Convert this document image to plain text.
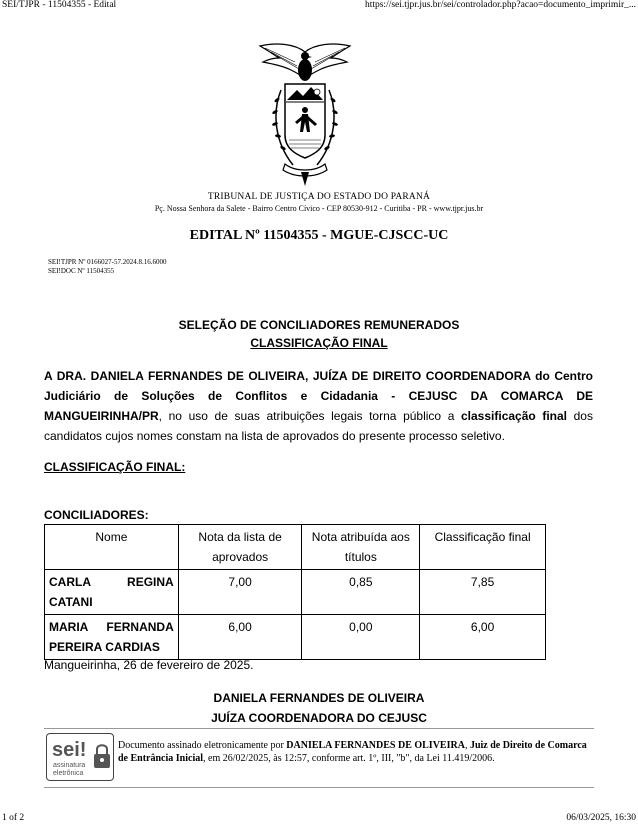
SEI/TJPR - 11504355 - Edital	https://sei.tjpr.jus.br/sei/controlador.php?acao=documento_imprimir_...
TRIBUNAL DE JUSTIÇA DO ESTADO DO PARANÁ
Pç. Nossa Senhora da Salete - Bairro Centro Cívico - CEP 80530-912 - Curitiba - PR - www.tjpr.jus.br
EDITAL Nº 11504355 - MGUE-CJSCC-UC
SEI!TJPR Nº 0166027-57.2024.8.16.6000
SEI!DOC Nº 11504355
SELEÇÃO DE CONCILIADORES REMUNERADOS
CLASSIFICAÇÃO FINAL
A DRA. DANIELA FERNANDES DE OLIVEIRA, JUÍZA DE DIREITO COORDENADORA do Centro Judiciário de Soluções de Conflitos e Cidadania - CEJUSC DA COMARCA DE MANGUEIRINHA/PR, no uso de suas atribuições legais torna público a classificação final dos candidatos cujos nomes constam na lista de aprovados do presente processo seletivo.
CLASSIFICAÇÃO FINAL:
CONCILIADORES:
Nome	Nota da lista de aprovados	Nota atribuída aos títulos	Classificação final
CARLA REGINA
CATANI	7,00	0,85	7,85
MARIA FERNANDA
PEREIRA CARDIAS	6,00	0,00	6,00
Mangueirinha, 26 de fevereiro de 2025.
DANIELA FERNANDES DE OLIVEIRA
JUÍZA COORDENADORA DO CEJUSC
sei!
assinatura
eletrônica
Documento assinado eletronicamente por DANIELA FERNANDES DE OLIVEIRA, Juiz de Direito de Comarca de Entrância Inicial, em 26/02/2025, às 12:57, conforme art. 1º, III, "b", da Lei 11.419/2006.
1 of 2	06/03/2025, 16:30
